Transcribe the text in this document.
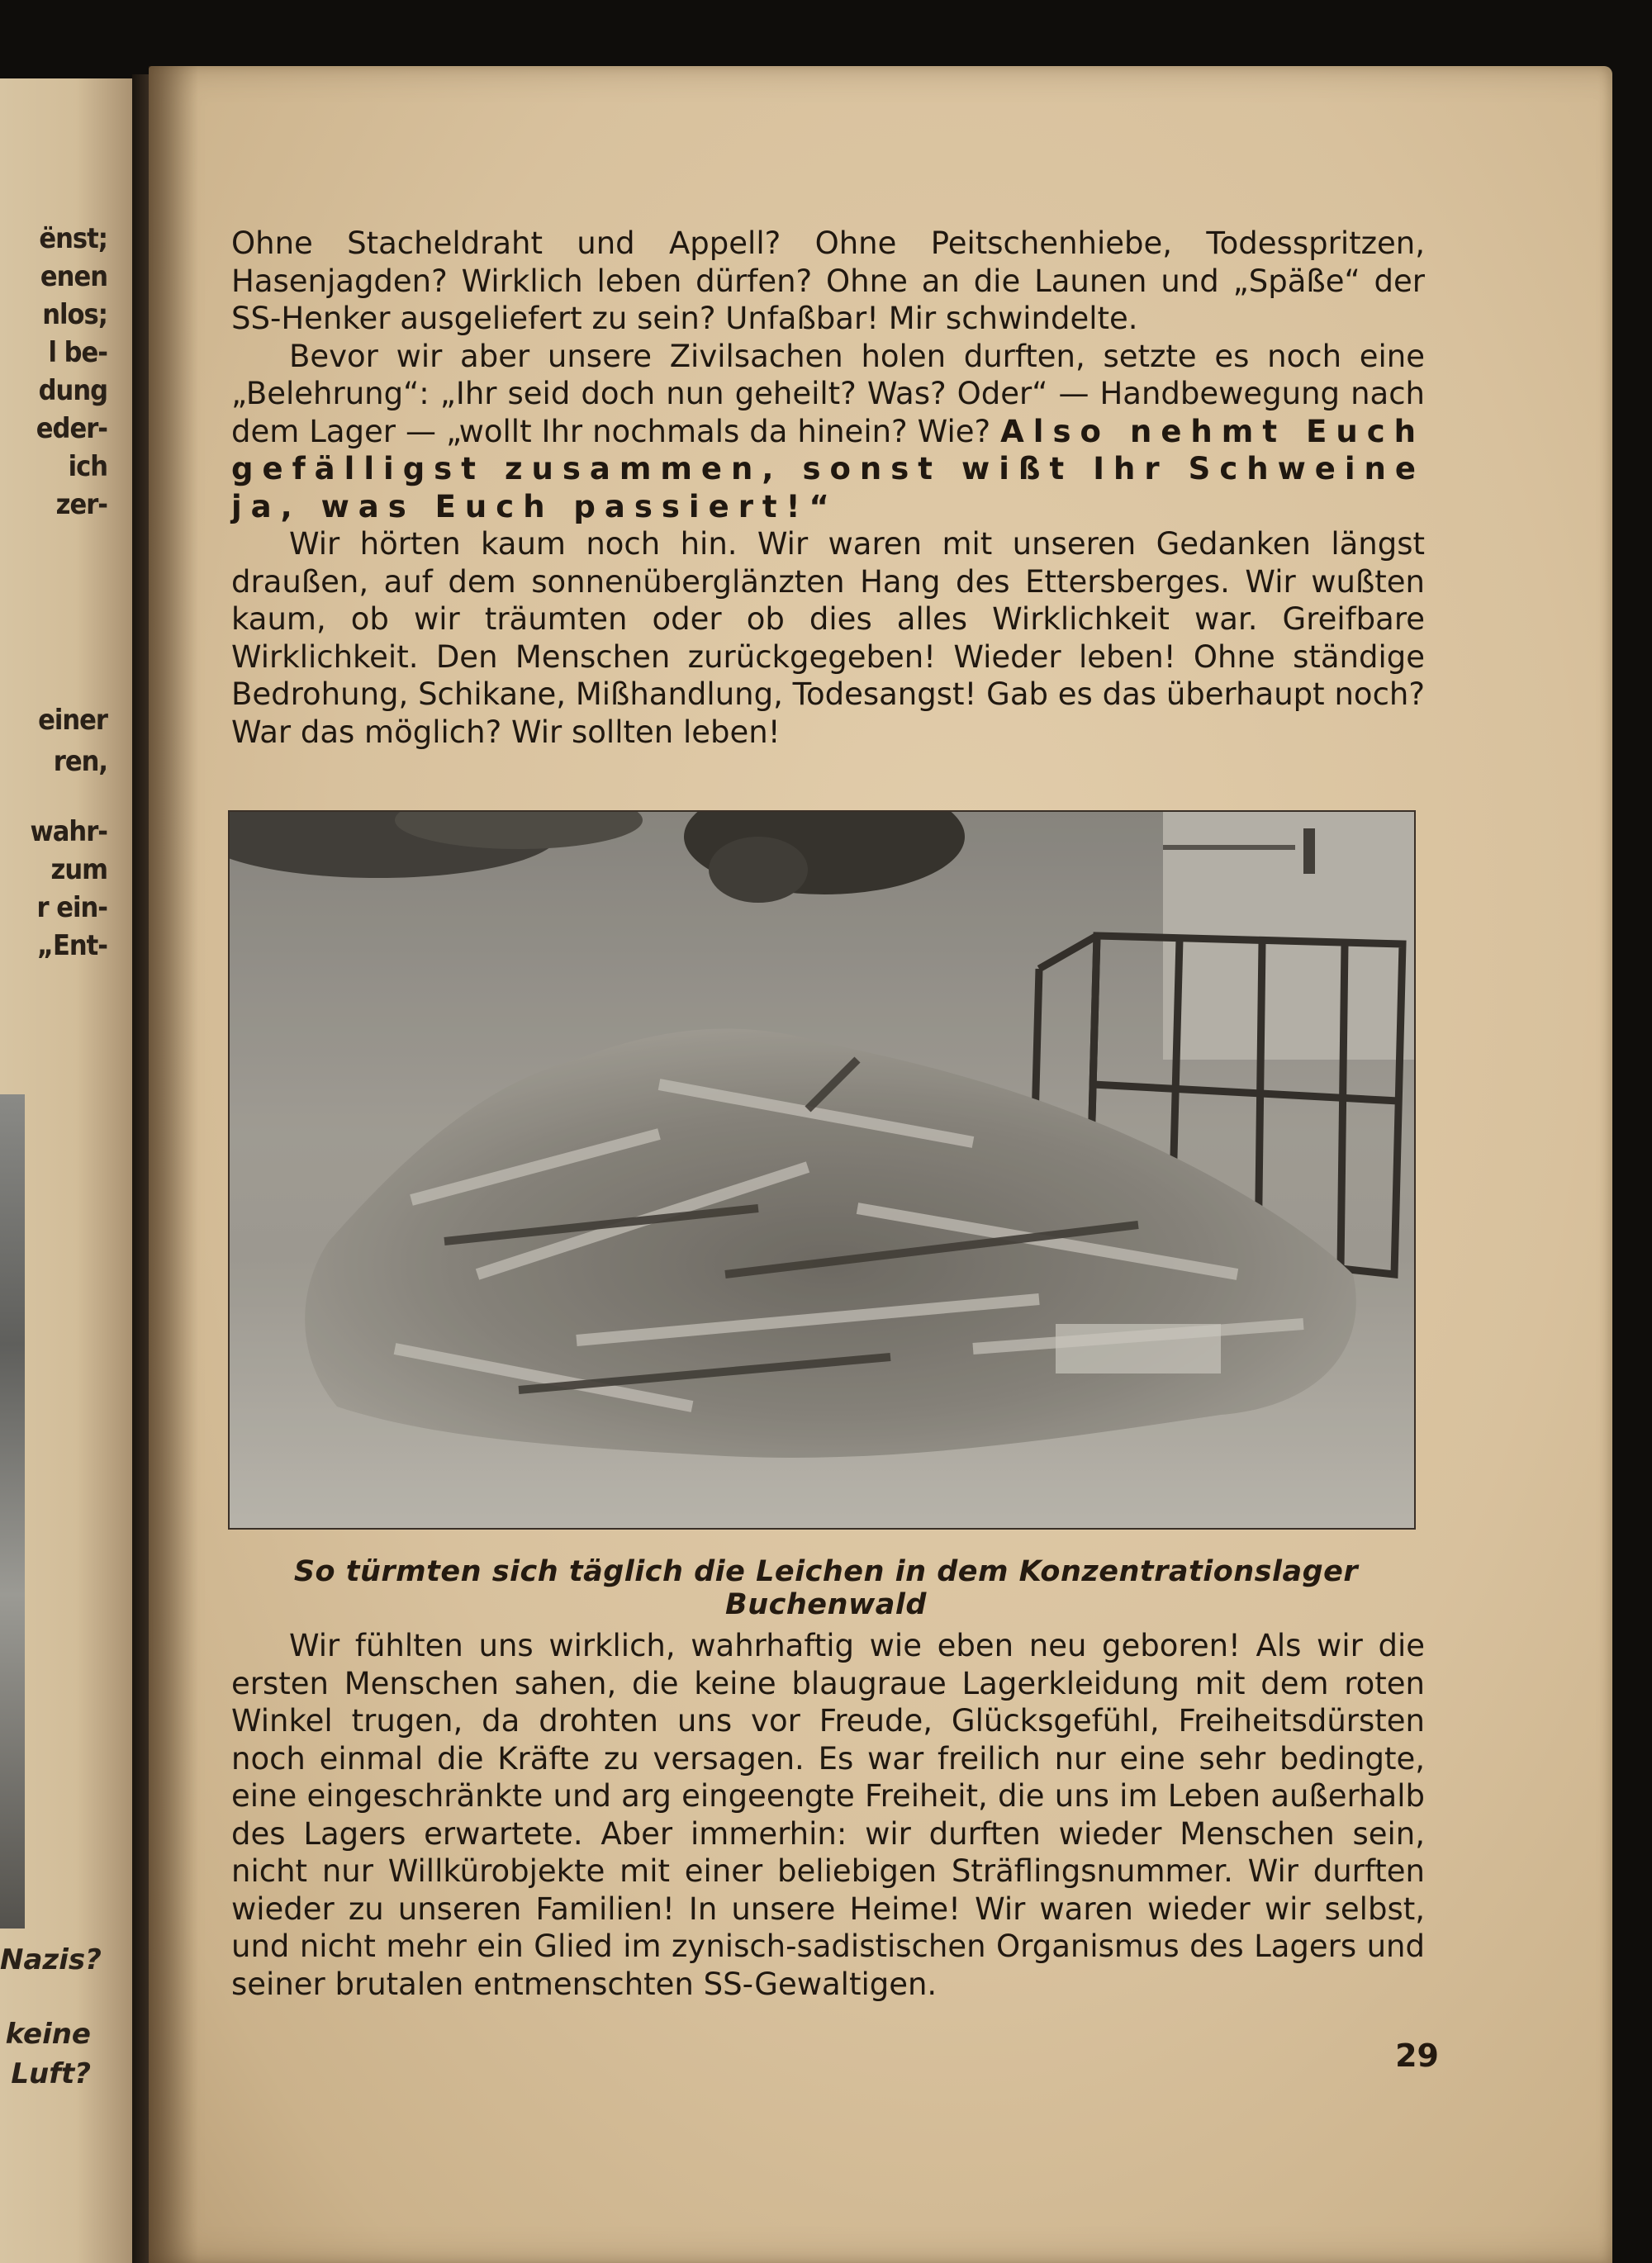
ënst;
enen
nlos;
l be-
dung
eder-
ich
zer-
einer
ren,
wahr-
zum
r ein-
„Ent-
Nazis?
keine
Luft?

Ohne Stacheldraht und Appell? Ohne Peitschenhiebe, Todesspritzen, Hasenjagden? Wirklich leben dürfen? Ohne an die Launen und „Späße“ der SS-Henker ausgeliefert zu sein? Unfaßbar! Mir schwindelte.

Bevor wir aber unsere Zivilsachen holen durften, setzte es noch eine „Belehrung“: „Ihr seid doch nun geheilt? Was? Oder“ — Handbewegung nach dem Lager — „wollt Ihr nochmals da hinein? Wie? Also nehmt Euch gefälligst zusammen, sonst wißt Ihr Schweine ja, was Euch passiert!“

Wir hörten kaum noch hin. Wir waren mit unseren Gedanken längst draußen, auf dem sonnenüberglänzten Hang des Ettersberges. Wir wußten kaum, ob wir träumten oder ob dies alles Wirklichkeit war. Greifbare Wirklichkeit. Den Menschen zurückgegeben! Wieder leben! Ohne ständige Bedrohung, Schikane, Mißhandlung, Todesangst! Gab es das überhaupt noch? War das möglich? Wir sollten leben!

So türmten sich täglich die Leichen in dem Konzentrationslager Buchenwald

Wir fühlten uns wirklich, wahrhaftig wie eben neu geboren! Als wir die ersten Menschen sahen, die keine blaugraue Lagerkleidung mit dem roten Winkel trugen, da drohten uns vor Freude, Glücksgefühl, Freiheitsdürsten noch einmal die Kräfte zu versagen. Es war freilich nur eine sehr bedingte, eine eingeschränkte und arg eingeengte Freiheit, die uns im Leben außerhalb des Lagers erwartete. Aber immerhin: wir durften wieder Menschen sein, nicht nur Willkürobjekte mit einer beliebigen Sträflingsnummer. Wir durften wieder zu unseren Familien! In unsere Heime! Wir waren wieder wir selbst, und nicht mehr ein Glied im zynisch-sadistischen Organismus des Lagers und seiner brutalen entmenschten SS-Gewaltigen.

29
